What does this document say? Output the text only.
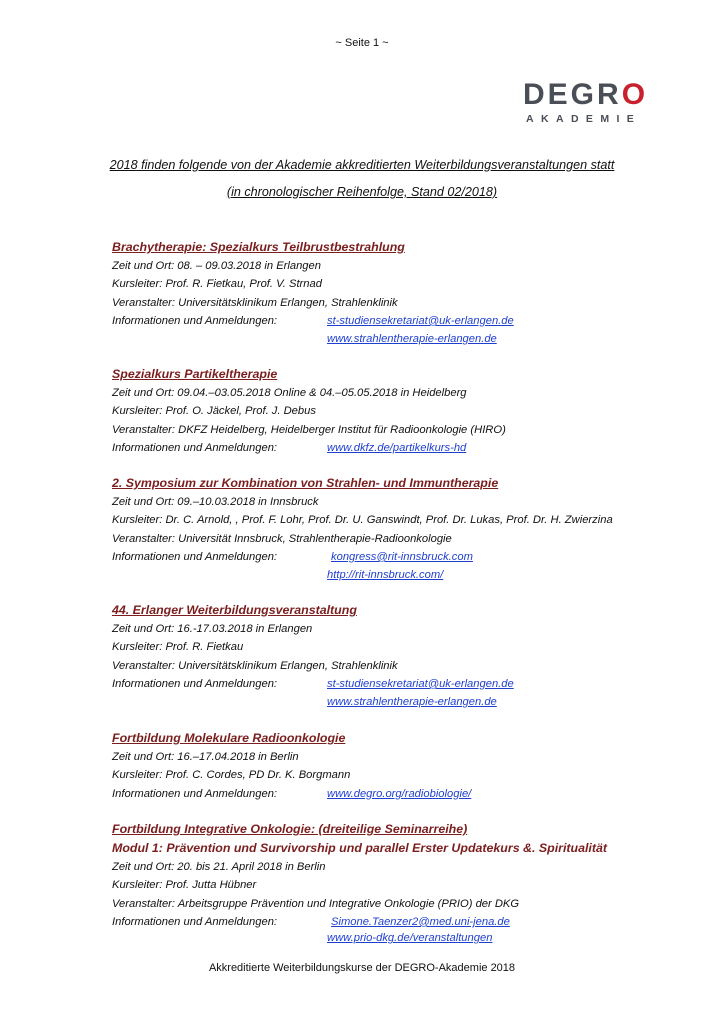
~ Seite 1 ~
DEGRO
AKADEMIE
2018 finden folgende von der Akademie akkreditierten Weiterbildungsveranstaltungen statt
(in chronologischer Reihenfolge, Stand 02/2018)
Brachytherapie: Spezialkurs Teilbrustbestrahlung
Zeit und Ort: 08. – 09.03.2018 in Erlangen
Kursleiter: Prof. R. Fietkau, Prof. V. Strnad
Veranstalter: Universitätsklinikum Erlangen, Strahlenklinik
Informationen und Anmeldungen:	st-studiensekretariat@uk-erlangen.de
www.strahlentherapie-erlangen.de
Spezialkurs Partikeltherapie
Zeit und Ort: 09.04.–03.05.2018 Online & 04.–05.05.2018 in Heidelberg
Kursleiter: Prof. O. Jäckel, Prof. J. Debus
Veranstalter: DKFZ Heidelberg, Heidelberger Institut für Radioonkologie (HIRO)
Informationen und Anmeldungen:	www.dkfz.de/partikelkurs-hd
2. Symposium zur Kombination von Strahlen- und Immuntherapie
Zeit und Ort: 09.–10.03.2018 in Innsbruck
Kursleiter: Dr. C. Arnold, , Prof. F. Lohr, Prof. Dr. U. Ganswindt, Prof. Dr. Lukas, Prof. Dr. H. Zwierzina
Veranstalter: Universität Innsbruck, Strahlentherapie-Radioonkologie
Informationen und Anmeldungen:	kongress@rit-innsbruck.com
http://rit-innsbruck.com/
44. Erlanger Weiterbildungsveranstaltung
Zeit und Ort: 16.-17.03.2018 in Erlangen
Kursleiter: Prof. R. Fietkau
Veranstalter: Universitätsklinikum Erlangen, Strahlenklinik
Informationen und Anmeldungen:	st-studiensekretariat@uk-erlangen.de
www.strahlentherapie-erlangen.de
Fortbildung Molekulare Radioonkologie
Zeit und Ort: 16.–17.04.2018 in Berlin
Kursleiter: Prof. C. Cordes, PD Dr. K. Borgmann
Informationen und Anmeldungen:	www.degro.org/radiobiologie/
Fortbildung Integrative Onkologie: (dreiteilige Seminarreihe)
Modul 1: Prävention und Survivorship und parallel Erster Updatekurs &. Spiritualität
Zeit und Ort: 20. bis 21. April 2018 in Berlin
Kursleiter: Prof. Jutta Hübner
Veranstalter: Arbeitsgruppe Prävention und Integrative Onkologie (PRIO) der DKG
Informationen und Anmeldungen:	Simone.Taenzer2@med.uni-jena.de
www.prio-dkg.de/veranstaltungen
Akkreditierte Weiterbildungskurse der DEGRO-Akademie 2018
